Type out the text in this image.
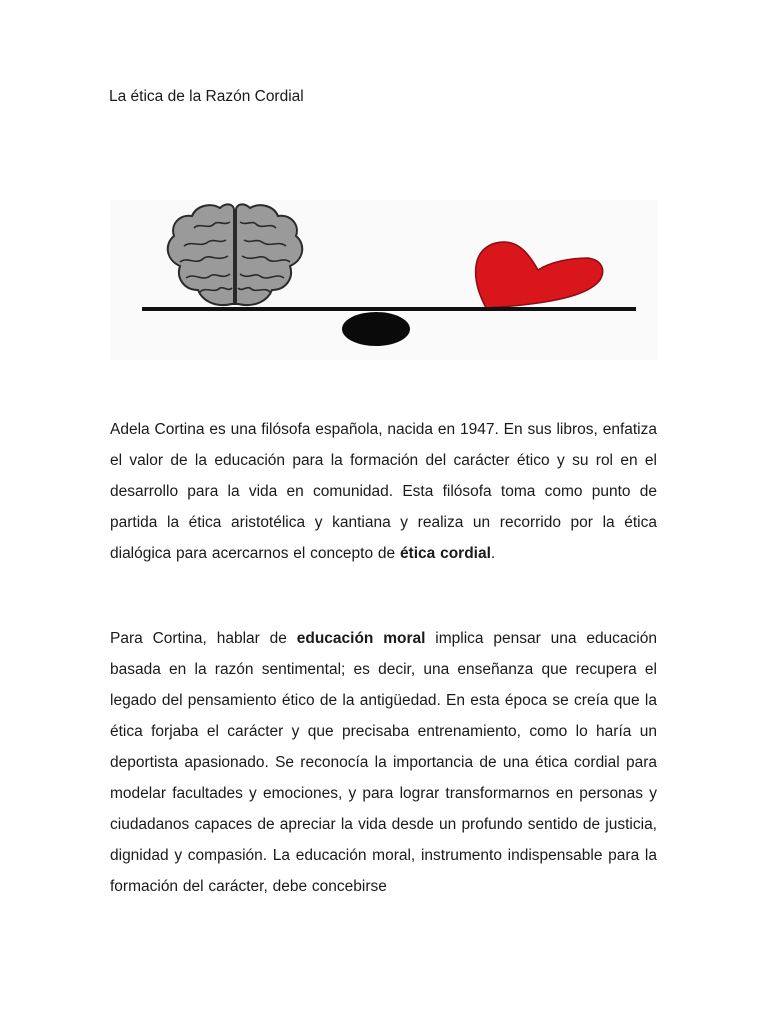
La ética de la Razón Cordial

Adela Cortina es una filósofa española, nacida en 1947. En sus libros, enfatiza el valor de la educación para la formación del carácter ético y su rol en el desarrollo para la vida en comunidad. Esta filósofa toma como punto de partida la ética aristotélica y kantiana y realiza un recorrido por la ética dialógica para acercarnos el concepto de ética cordial.

Para Cortina, hablar de educación moral implica pensar una educación basada en la razón sentimental; es decir, una enseñanza que recupera el legado del pensamiento ético de la antigüedad. En esta época se creía que la ética forjaba el carácter y que precisaba entrenamiento, como lo haría un deportista apasionado. Se reconocía la importancia de una ética cordial para modelar facultades y emociones, y para lograr transformarnos en personas y ciudadanos capaces de apreciar la vida desde un profundo sentido de justicia, dignidad y compasión. La educación moral, instrumento indispensable para la formación del carácter, debe concebirse
